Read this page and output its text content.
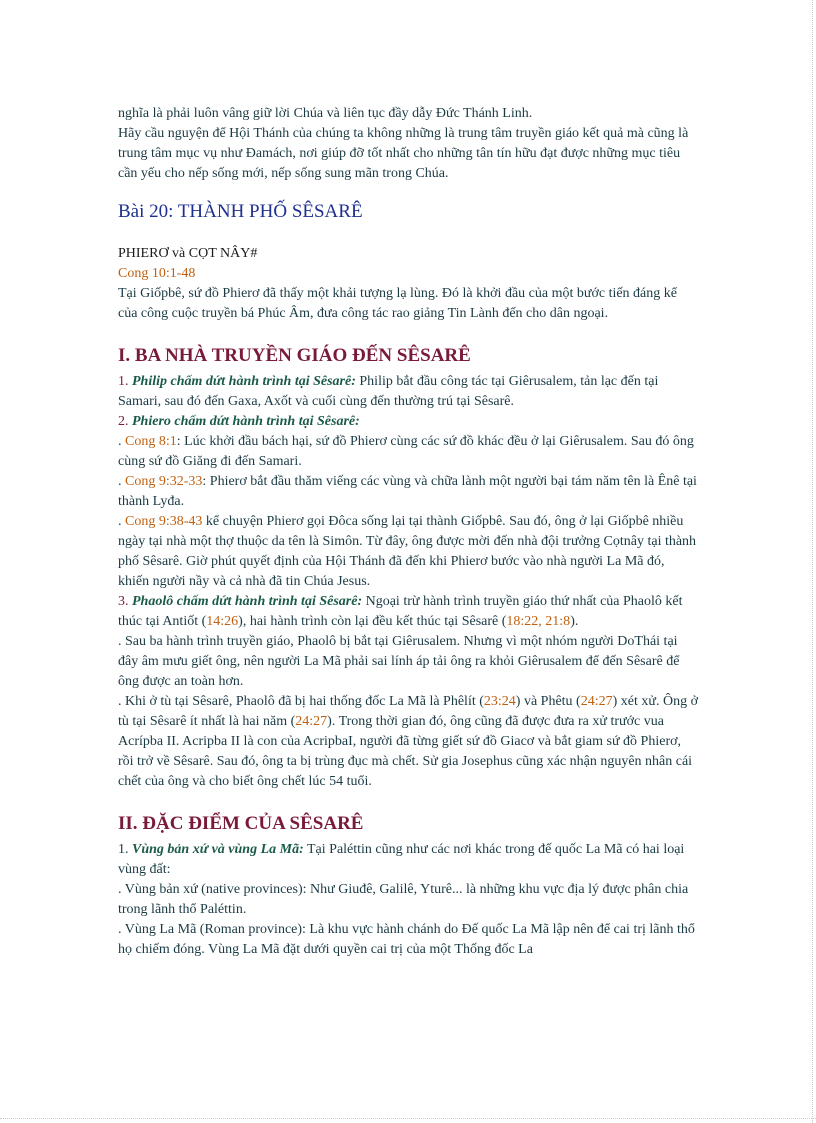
nghĩa là phải luôn vâng giữ lời Chúa và liên tục đầy dẫy Đức Thánh Linh.

Hãy cầu nguyện để Hội Thánh của chúng ta không những là trung tâm truyền giáo kết quả mà cũng là trung tâm mục vụ như Đamách, nơi giúp đỡ tốt nhất cho những tân tín hữu đạt được những mục tiêu cần yếu cho nếp sống mới, nếp sống sung mãn trong Chúa.

Bài 20: THÀNH PHỐ SÊSARÊ

PHIERƠ và CỌT NÂY#

Cong 10:1-48

Tại Giốpbê, sứ đồ Phierơ đã thấy một khải tượng lạ lùng. Đó là khởi đầu của một bước tiến đáng kể của công cuộc truyền bá Phúc Âm, đưa công tác rao giảng Tin Lành đến cho dân ngoại.

I. BA NHÀ TRUYỀN GIÁO ĐẾN SÊSARÊ

1. Philip chấm dứt hành trình tại Sêsarê: Philip bắt đầu công tác tại Giêrusalem, tản lạc đến tại Samari, sau đó đến Gaxa, Axốt và cuối cùng đến thường trú tại Sêsarê.

2. Phiero chấm dứt hành trình tại Sêsarê:

. Cong 8:1: Lúc khởi đầu bách hại, sứ đồ Phierơ cùng các sứ đồ khác đều ở lại Giêrusalem. Sau đó ông cùng sứ đồ Giăng đi đến Samari.

. Cong 9:32-33: Phierơ bắt đầu thăm viếng các vùng và chữa lành một người bại tám năm tên là Ênê tại thành Lyđa.

. Cong 9:38-43 kể chuyện Phierơ gọi Đôca sống lại tại thành Giốpbê. Sau đó, ông ở lại Giốpbê nhiều ngày tại nhà một thợ thuộc da tên là Simôn. Từ đây, ông được mời đến nhà đội trưởng Cọtnây tại thành phố Sêsarê. Giờ phút quyết định của Hội Thánh đã đến khi Phierơ bước vào nhà người La Mã đó, khiến người nầy và cả nhà đã tin Chúa Jesus.

3. Phaolô chấm dứt hành trình tại Sêsarê: Ngoại trừ hành trình truyền giáo thứ nhất của Phaolô kết thúc tại Antiốt (14:26), hai hành trình còn lại đều kết thúc tại Sêsarê (18:22, 21:8).

. Sau ba hành trình truyền giáo, Phaolô bị bắt tại Giêrusalem. Nhưng vì một nhóm người DoThái tại đây âm mưu giết ông, nên người La Mã phải sai lính áp tải ông ra khỏi Giêrusalem để đến Sêsarê để ông được an toàn hơn.

. Khi ở tù tại Sêsarê, Phaolô đã bị hai thống đốc La Mã là Phêlít (23:24) và Phêtu (24:27) xét xử. Ông ở tù tại Sêsarê ít nhất là hai năm (24:27). Trong thời gian đó, ông cũng đã được đưa ra xử trước vua Acrípba II. Acripba II là con của AcripbaI, người đã từng giết sứ đồ Giacơ và bắt giam sứ đồ Phierơ, rồi trở về Sêsarê. Sau đó, ông ta bị trùng đục mà chết. Sử gia Josephus cũng xác nhận nguyên nhân cái chết của ông và cho biết ông chết lúc 54 tuổi.

II. ĐẶC ĐIỂM CỦA SÊSARÊ

1. Vùng bản xứ và vùng La Mã: Tại Paléttin cũng như các nơi khác trong đế quốc La Mã có hai loại vùng đất:

. Vùng bản xứ (native provinces): Như Giuđê, Galilê, Yturê... là những khu vực địa lý được phân chia trong lãnh thổ Paléttin.

. Vùng La Mã (Roman province): Là khu vực hành chánh do Đế quốc La Mã lập nên để cai trị lãnh thổ họ chiếm đóng. Vùng La Mã đặt dưới quyền cai trị của một Thống đốc La
